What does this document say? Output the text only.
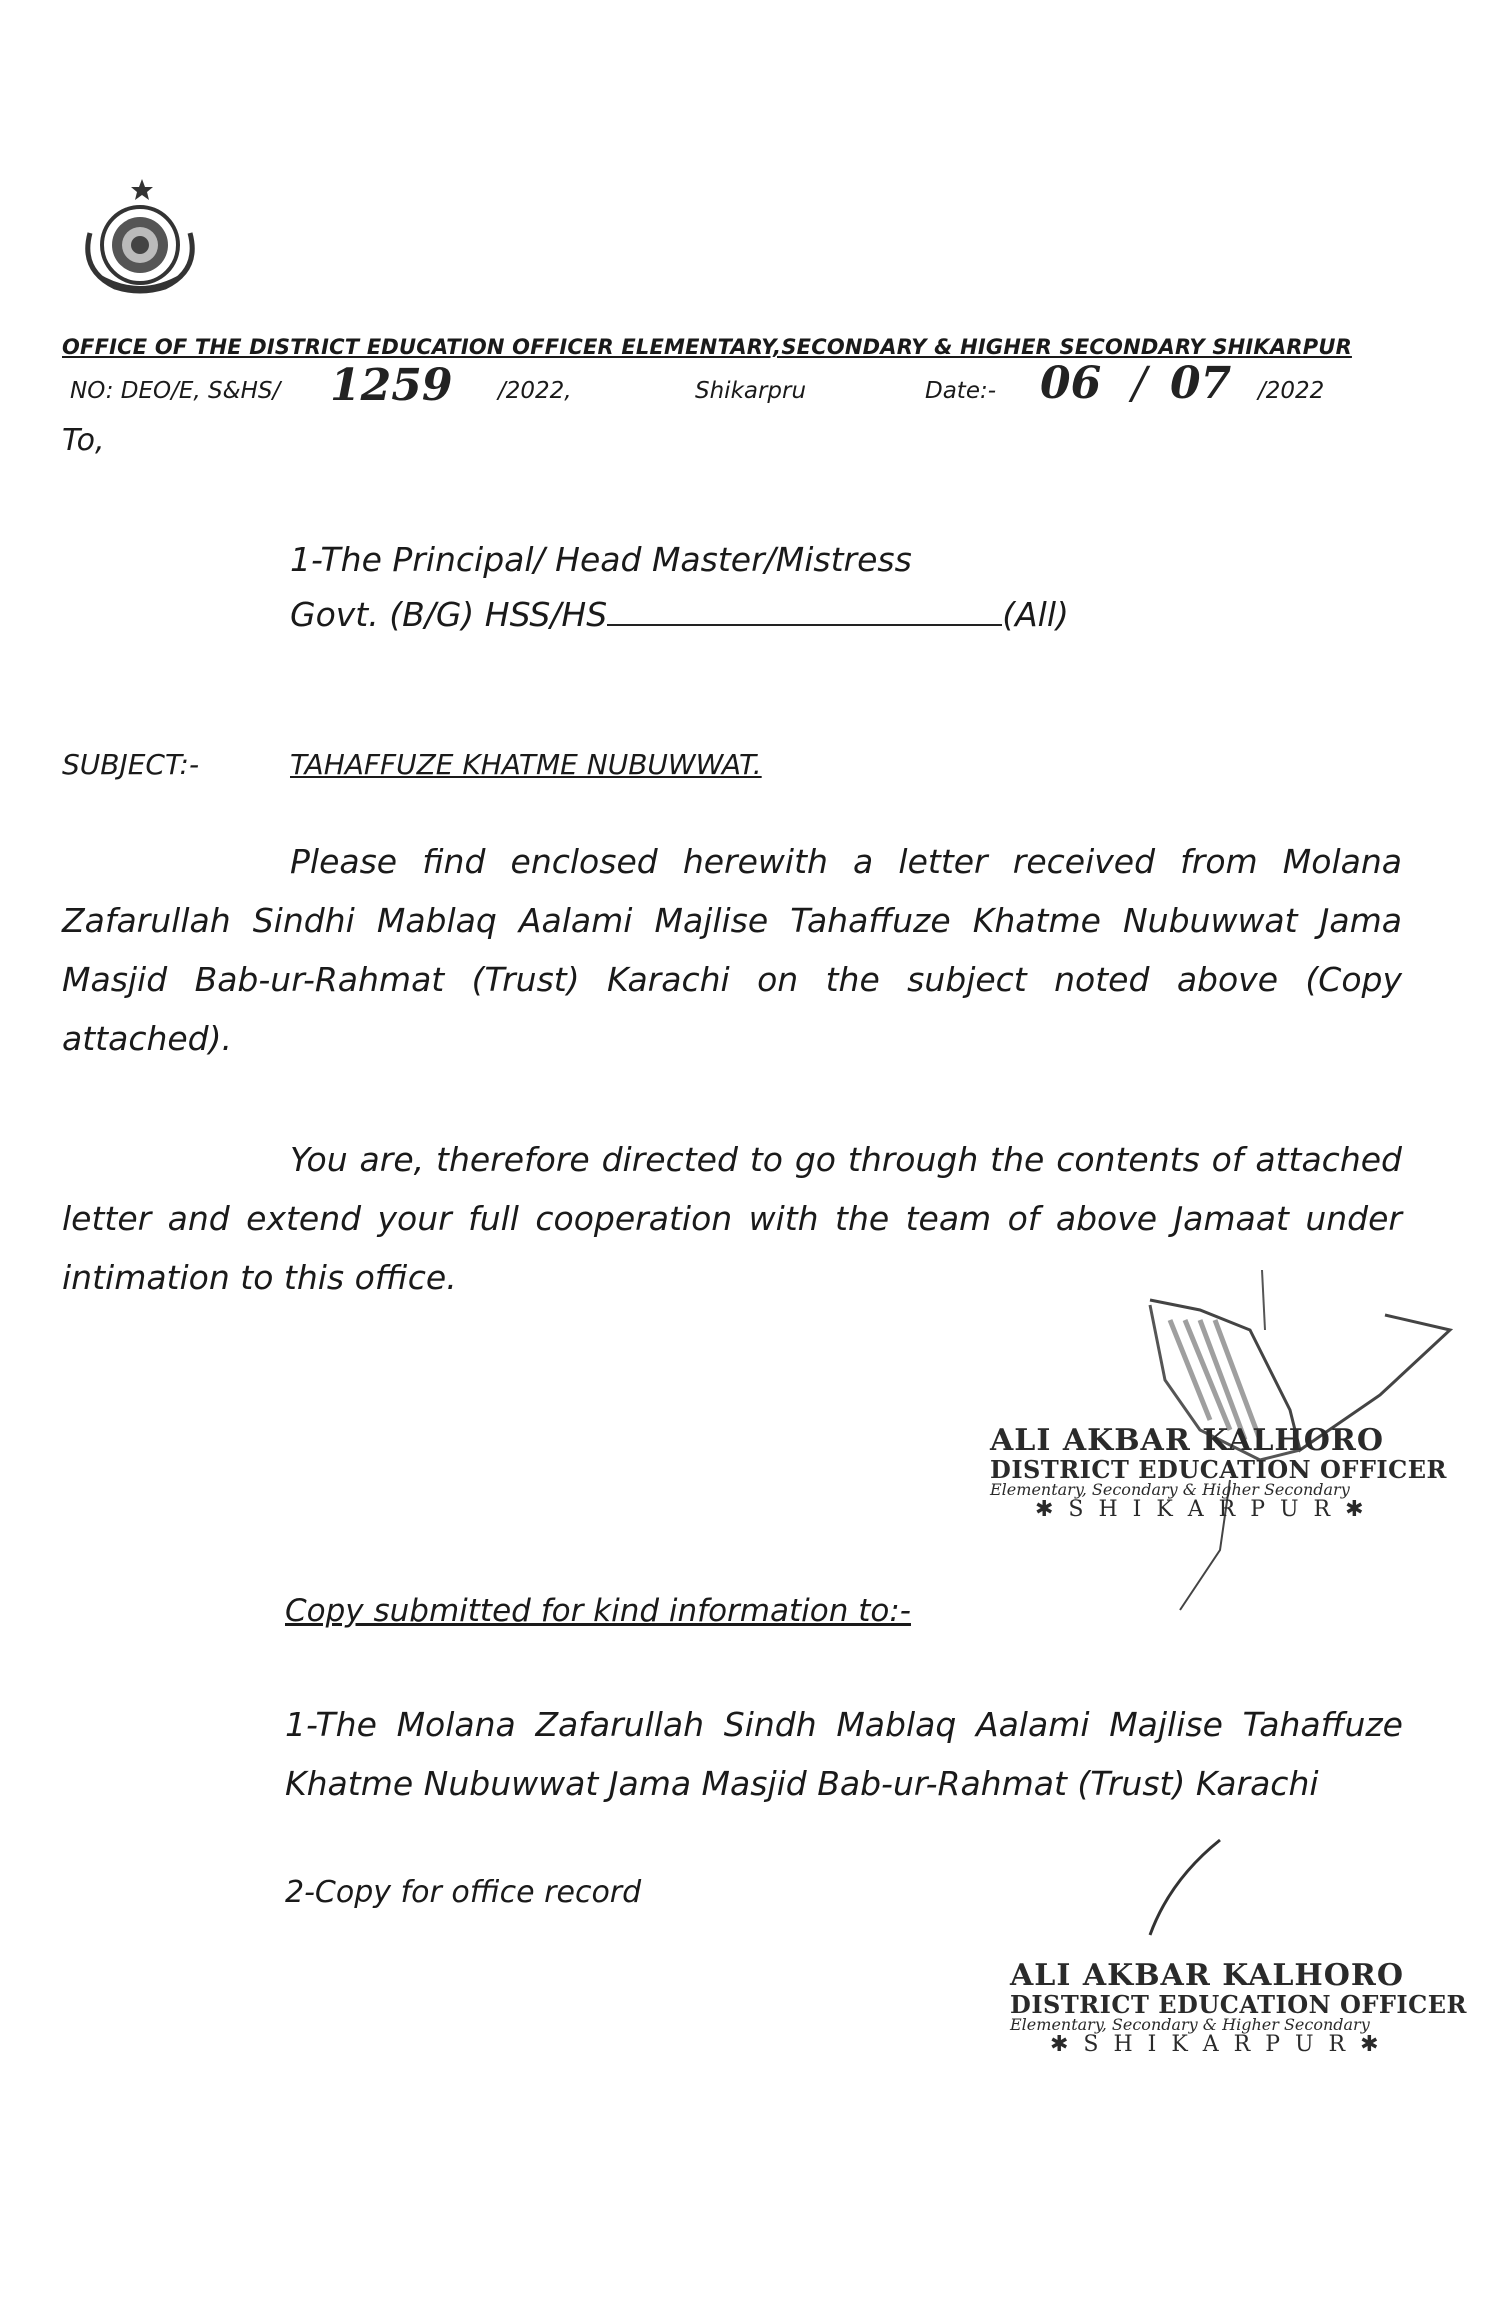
OFFICE OF THE DISTRICT EDUCATION OFFICER ELEMENTARY,SECONDARY & HIGHER SECONDARY SHIKARPUR
NO: DEO/E, S&HS/ 1259 /2022,	Shikarpru	Date:- 06 / 07 /2022
To,
1-The Principal/ Head Master/Mistress
Govt. (B/G) HSS/HS	(All)
SUBJECT:-	TAHAFFUZE KHATME NUBUWWAT.
Please find enclosed herewith a letter received from Molana Zafarullah Sindhi Mablaq Aalami Majlise Tahaffuze Khatme Nubuwwat Jama Masjid Bab-ur-Rahmat (Trust) Karachi on the subject noted above (Copy attached).
You are, therefore directed to go through the contents of attached letter and extend your full cooperation with the team of above Jamaat under intimation to this office.
ALI AKBAR KALHORO
DISTRICT EDUCATION OFFICER
Elementary, Secondary & Higher Secondary
✱ S H I K A R P U R ✱
Copy submitted for kind information to:-
1-The Molana Zafarullah Sindh Mablaq Aalami Majlise Tahaffuze Khatme Nubuwwat Jama Masjid Bab-ur-Rahmat (Trust) Karachi
2-Copy for office record
ALI AKBAR KALHORO
DISTRICT EDUCATION OFFICER
Elementary, Secondary & Higher Secondary
✱ S H I K A R P U R ✱
